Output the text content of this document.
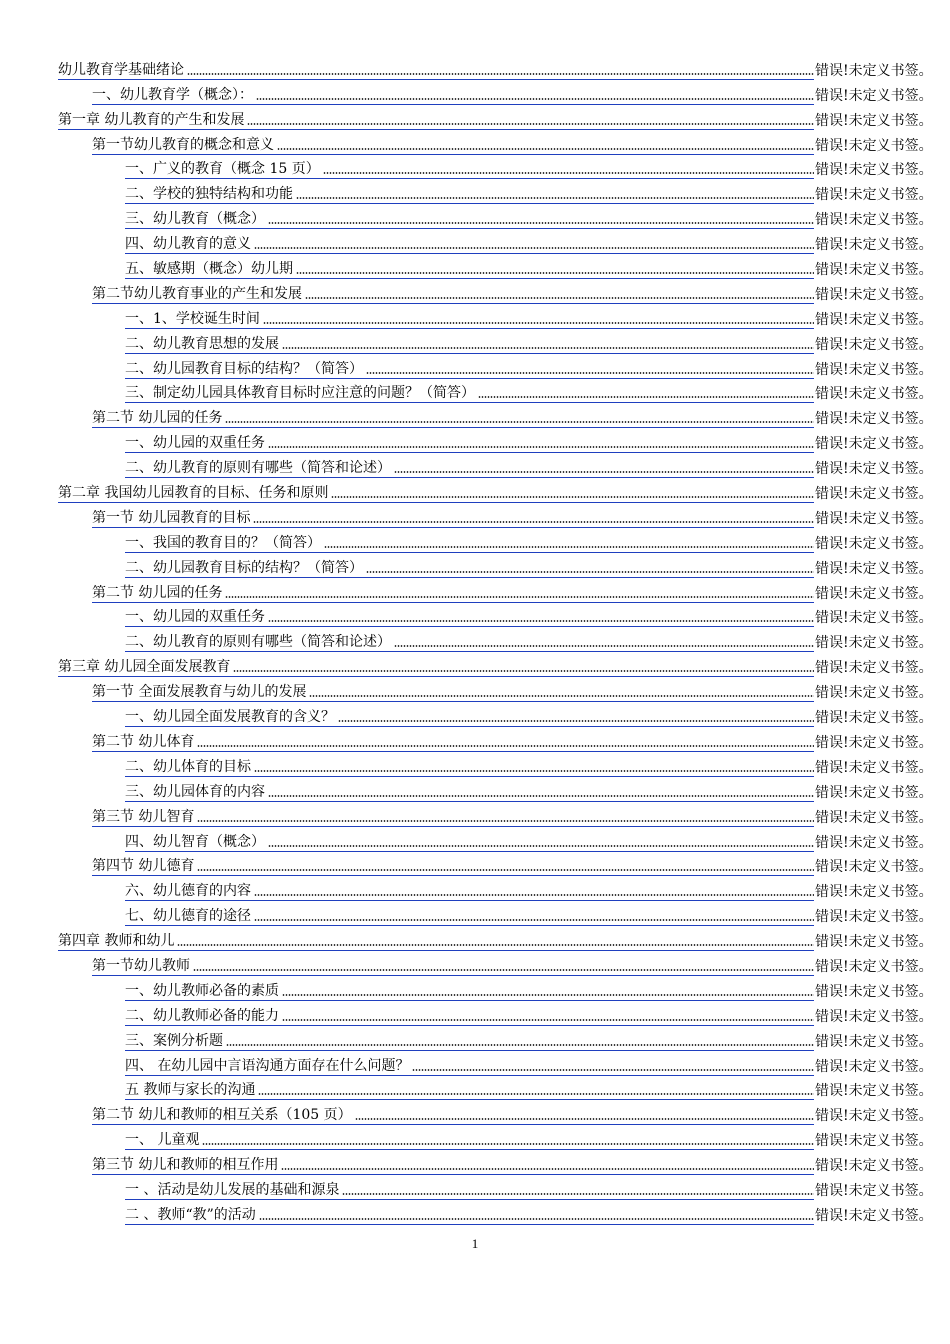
幼儿教育学基础绪论	错误!未定义书签。
一、幼儿教育学（概念）：	错误!未定义书签。
第一章 幼儿教育的产生和发展	错误!未定义书签。
第一节幼儿教育的概念和意义	错误!未定义书签。
一、广义的教育（概念 15 页）	错误!未定义书签。
二、学校的独特结构和功能	错误!未定义书签。
三、幼儿教育（概念）	错误!未定义书签。
四、幼儿教育的意义	错误!未定义书签。
五、敏感期（概念）幼儿期	错误!未定义书签。
第二节幼儿教育事业的产生和发展	错误!未定义书签。
一、1、学校诞生时间	错误!未定义书签。
二、幼儿教育思想的发展	错误!未定义书签。
二、幼儿园教育目标的结构？（简答）	错误!未定义书签。
三、制定幼儿园具体教育目标时应注意的问题？（简答）	错误!未定义书签。
第二节 幼儿园的任务	错误!未定义书签。
一、幼儿园的双重任务	错误!未定义书签。
二、幼儿教育的原则有哪些（简答和论述）	错误!未定义书签。
第二章 我国幼儿园教育的目标、任务和原则	错误!未定义书签。
第一节 幼儿园教育的目标	错误!未定义书签。
一、我国的教育目的？（简答）	错误!未定义书签。
二、幼儿园教育目标的结构？（简答）	错误!未定义书签。
第二节 幼儿园的任务	错误!未定义书签。
一、幼儿园的双重任务	错误!未定义书签。
二、幼儿教育的原则有哪些（简答和论述）	错误!未定义书签。
第三章 幼儿园全面发展教育	错误!未定义书签。
第一节 全面发展教育与幼儿的发展	错误!未定义书签。
一、幼儿园全面发展教育的含义？	错误!未定义书签。
第二节 幼儿体育	错误!未定义书签。
二、幼儿体育的目标	错误!未定义书签。
三、幼儿园体育的内容	错误!未定义书签。
第三节 幼儿智育	错误!未定义书签。
四、幼儿智育（概念）	错误!未定义书签。
第四节 幼儿德育	错误!未定义书签。
六、幼儿德育的内容	错误!未定义书签。
七、幼儿德育的途径	错误!未定义书签。
第四章 教师和幼儿	错误!未定义书签。
第一节幼儿教师	错误!未定义书签。
一、幼儿教师必备的素质	错误!未定义书签。
二、幼儿教师必备的能力	错误!未定义书签。
三、案例分析题	错误!未定义书签。
四、 在幼儿园中言语沟通方面存在什么问题？	错误!未定义书签。
五 教师与家长的沟通	错误!未定义书签。
第二节 幼儿和教师的相互关系（105 页）	错误!未定义书签。
一、 儿童观	错误!未定义书签。
第三节 幼儿和教师的相互作用	错误!未定义书签。
一 、活动是幼儿发展的基础和源泉	错误!未定义书签。
二 、教师“教”的活动	错误!未定义书签。
1
